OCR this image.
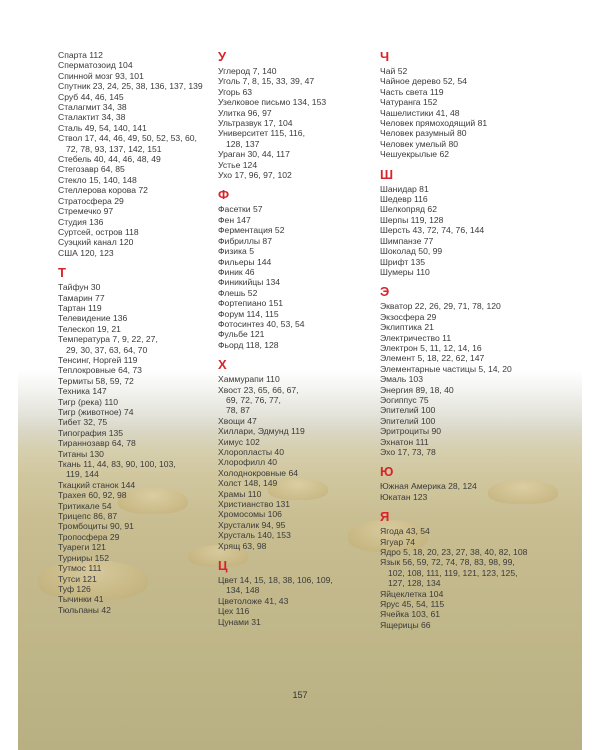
Спарта 112
Сперматозоид 104
Спинной мозг 93, 101
Спутник 23, 24, 25, 38, 136, 137, 139
Сруб 44, 46, 145
Сталагмит 34, 38
Сталактит 34, 38
Сталь 49, 54, 140, 141
Ствол 17, 44, 46, 49, 50, 52, 53, 60,
72, 78, 93, 137, 142, 151
Стебель 40, 44, 46, 48, 49
Стегозавр 64, 85
Стекло 15, 140, 148
Стеллерова корова 72
Стратосфера 29
Стремечко 97
Студия 136
Суртсей, остров 118
Суэцкий канал 120
США 120, 123
Т
Тайфун 30
Тамарин 77
Тартан 119
Телевидение 136
Телескоп 19, 21
Температура 7, 9, 22, 27,
29, 30, 37, 63, 64, 70
Тенсинг, Норгей 119
Теплокровные 64, 73
Термиты 58, 59, 72
Техника 147
Тигр (река) 110
Тигр (животное) 74
Тибет 32, 75
Типография 135
Тираннозавр 64, 78
Титаны 130
Ткань 11, 44, 83, 90, 100, 103,
119, 144
Ткацкий станок 144
Трахея 60, 92, 98
Тритикале 54
Трицепс 86, 87
Тромбоциты 90, 91
Тропосфера 29
Туареги 121
Турниры 152
Тутмос 111
Тутси 121
Туф 126
Тычинки 41
Тюльпаны 42
У
Углерод 7, 140
Уголь 7, 8, 15, 33, 39, 47
Угорь 63
Узелковое письмо 134, 153
Улитка 96, 97
Ультразвук 17, 104
Университет 115, 116,
128, 137
Ураган 30, 44, 117
Устье 124
Ухо 17, 96, 97, 102
Ф
Фасетки 57
Фен 147
Ферментация 52
Фибриллы 87
Физика 5
Фильеры 144
Финик 46
Финикийцы 134
Флешь 52
Фортепиано 151
Форум 114, 115
Фотосинтез 40, 53, 54
Фульбе 121
Фьорд 118, 128
Х
Хаммурапи 110
Хвост 23, 65, 66, 67,
69, 72, 76, 77,
78, 87
Хвощи 47
Хиллари, Эдмунд 119
Химус 102
Хлоропласты 40
Хлорофилл 40
Холоднокровные 64
Холст 148, 149
Храмы 110
Христианство 131
Хромосомы 106
Хрусталик 94, 95
Хрусталь 140, 153
Хрящ 63, 98
Ц
Цвет 14, 15, 18, 38, 106, 109,
134, 148
Цветоложе 41, 43
Цех 116
Цунами 31
Ч
Чай 52
Чайное дерево 52, 54
Часть света 119
Чатуранга 152
Чашелистики 41, 48
Человек прямоходящий 81
Человек разумный 80
Человек умелый 80
Чешуекрылые 62
Ш
Шанидар 81
Шедевр 116
Шелкопряд 62
Шерпы 119, 128
Шерсть 43, 72, 74, 76, 144
Шимпанзе 77
Шоколад 50, 99
Шрифт 135
Шумеры 110
Э
Экватор 22, 26, 29, 71, 78, 120
Экзосфера 29
Эклиптика 21
Электричество 11
Электрон 5, 11, 12, 14, 16
Элемент 5, 18, 22, 62, 147
Элементарные частицы 5, 14, 20
Эмаль 103
Энергия 89, 18, 40
Эогиппус 75
Эпителий 100
Эпителий 100
Эритроциты 90
Эхнатон 111
Эхо 17, 73, 78
Ю
Южная Америка 28, 124
Юкатан 123
Я
Ягода 43, 54
Ягуар 74
Ядро 5, 18, 20, 23, 27, 38, 40, 82, 108
Язык 56, 59, 72, 74, 78, 83, 98, 99,
102, 108, 111, 119, 121, 123, 125,
127, 128, 134
Яйцеклетка 104
Ярус 45, 54, 115
Ячейка 103, 61
Ящерицы 66
157
